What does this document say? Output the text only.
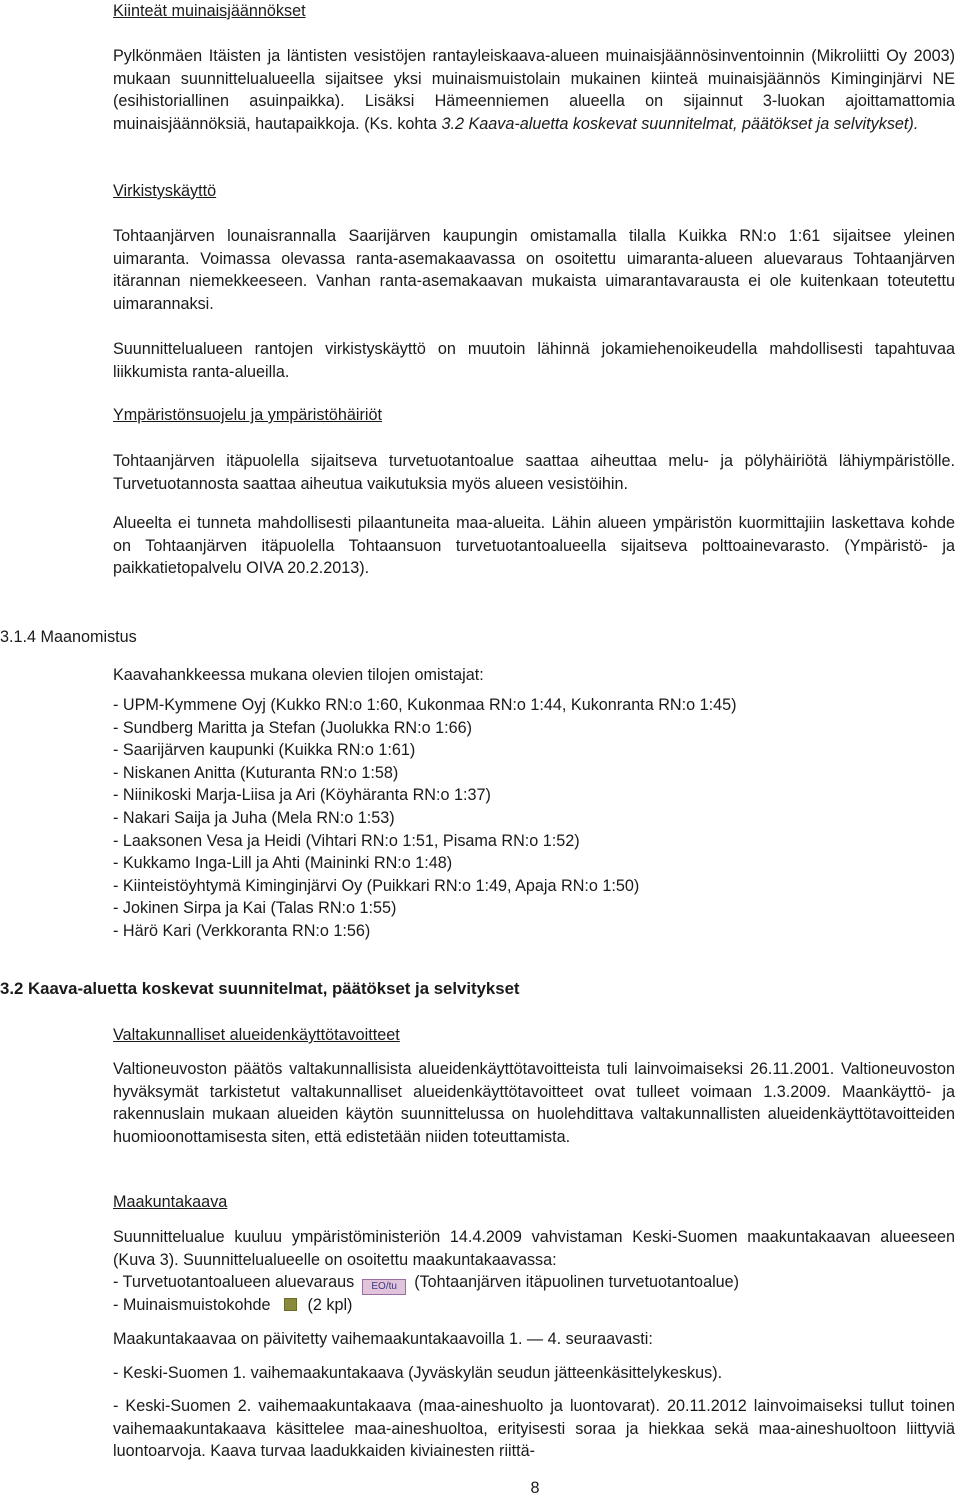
Kiinteät muinaisjäännökset

Pylkönmäen Itäisten ja läntisten vesistöjen rantayleiskaava-alueen muinaisjäännösinventoinnin (Mikroliitti Oy 2003) mukaan suunnittelualueella sijaitsee yksi muinaismuistolain mukainen kiinteä muinaisjäännös Kiminginjärvi NE (esihistoriallinen asuinpaikka). Lisäksi Hämeenniemen alueella on sijainnut 3-luokan ajoittamattomia muinaisjäännöksiä, hautapaikkoja. (Ks. kohta 3.2 Kaava-aluetta koskevat suunnitelmat, päätökset ja selvitykset).

Virkistyskäyttö

Tohtaanjärven lounaisrannalla Saarijärven kaupungin omistamalla tilalla Kuikka RN:o 1:61 sijaitsee yleinen uimaranta. Voimassa olevassa ranta-asemakaavassa on osoitettu uimaranta-alueen aluevaraus Tohtaanjärven itärannan niemekkeeseen. Vanhan ranta-asemakaavan mukaista uimarantavarausta ei ole kuitenkaan toteutettu uimarannaksi.

Suunnittelualueen rantojen virkistyskäyttö on muutoin lähinnä jokamiehenoikeudella mahdollisesti tapahtuvaa liikkumista ranta-alueilla.

Ympäristönsuojelu ja ympäristöhäiriöt

Tohtaanjärven itäpuolella sijaitseva turvetuotantoalue saattaa aiheuttaa melu- ja pölyhäiriötä lähiympäristölle. Turvetuotannosta saattaa aiheutua vaikutuksia myös alueen vesistöihin.

Alueelta ei tunneta mahdollisesti pilaantuneita maa-alueita. Lähin alueen ympäristön kuormittajiin laskettava kohde on Tohtaanjärven itäpuolella Tohtaansuon turvetuotantoalueella sijaitseva polttoainevarasto. (Ympäristö- ja paikkatietopalvelu OIVA 20.2.2013).

3.1.4 Maanomistus

Kaavahankkeessa mukana olevien tilojen omistajat:

- UPM-Kymmene Oyj (Kukko RN:o 1:60, Kukonmaa RN:o 1:44, Kukonranta RN:o 1:45)
- Sundberg Maritta ja Stefan (Juolukka RN:o 1:66)
- Saarijärven kaupunki (Kuikka RN:o 1:61)
- Niskanen Anitta (Kuturanta RN:o 1:58)
- Niinikoski Marja-Liisa ja Ari (Köyhäranta RN:o 1:37)
- Nakari Saija ja Juha (Mela RN:o 1:53)
- Laaksonen Vesa ja Heidi (Vihtari RN:o 1:51, Pisama RN:o 1:52)
- Kukkamo Inga-Lill ja Ahti (Maininki RN:o 1:48)
- Kiinteistöyhtymä Kiminginjärvi Oy (Puikkari RN:o 1:49, Apaja RN:o 1:50)
- Jokinen Sirpa ja Kai (Talas RN:o 1:55)
- Härö Kari (Verkkoranta RN:o 1:56)
3.2 Kaava-aluetta koskevat suunnitelmat, päätökset ja selvitykset
Valtakunnalliset alueidenkäyttötavoitteet

Valtioneuvoston päätös valtakunnallisista alueidenkäyttötavoitteista tuli lainvoimaiseksi 26.11.2001. Valtioneuvoston hyväksymät tarkistetut valtakunnalliset alueidenkäyttötavoitteet ovat tulleet voimaan 1.3.2009. Maankäyttö- ja rakennuslain mukaan alueiden käytön suunnittelussa on huolehdittava valtakunnallisten alueidenkäyttötavoitteiden huomioonottamisesta siten, että edistetään niiden toteuttamista.

Maakuntakaava

Suunnittelualue kuuluu ympäristöministeriön 14.4.2009 vahvistaman Keski-Suomen maakuntakaavan alueeseen (Kuva 3). Suunnittelualueelle on osoitettu maakuntakaavassa:

- Turvetuotantoalueen aluevaraus EO/tu (Tohtaanjärven itäpuolinen turvetuotantoalue)
- Muinaismuistokohde (2 kpl)

Maakuntakaavaa on päivitetty vaihemaakuntakaavoilla 1. — 4. seuraavasti:

- Keski-Suomen 1. vaihemaakuntakaava (Jyväskylän seudun jätteenkäsittelykeskus).

- Keski-Suomen 2. vaihemaakuntakaava (maa-aineshuolto ja luontovarat). 20.11.2012 lainvoimaiseksi tullut toinen vaihemaakuntakaava käsittelee maa-aineshuoltoa, erityisesti soraa ja hiekkaa sekä maa-aineshuoltoon liittyviä luontoarvoja. Kaava turvaa laadukkaiden kiviainesten riittä-

8
